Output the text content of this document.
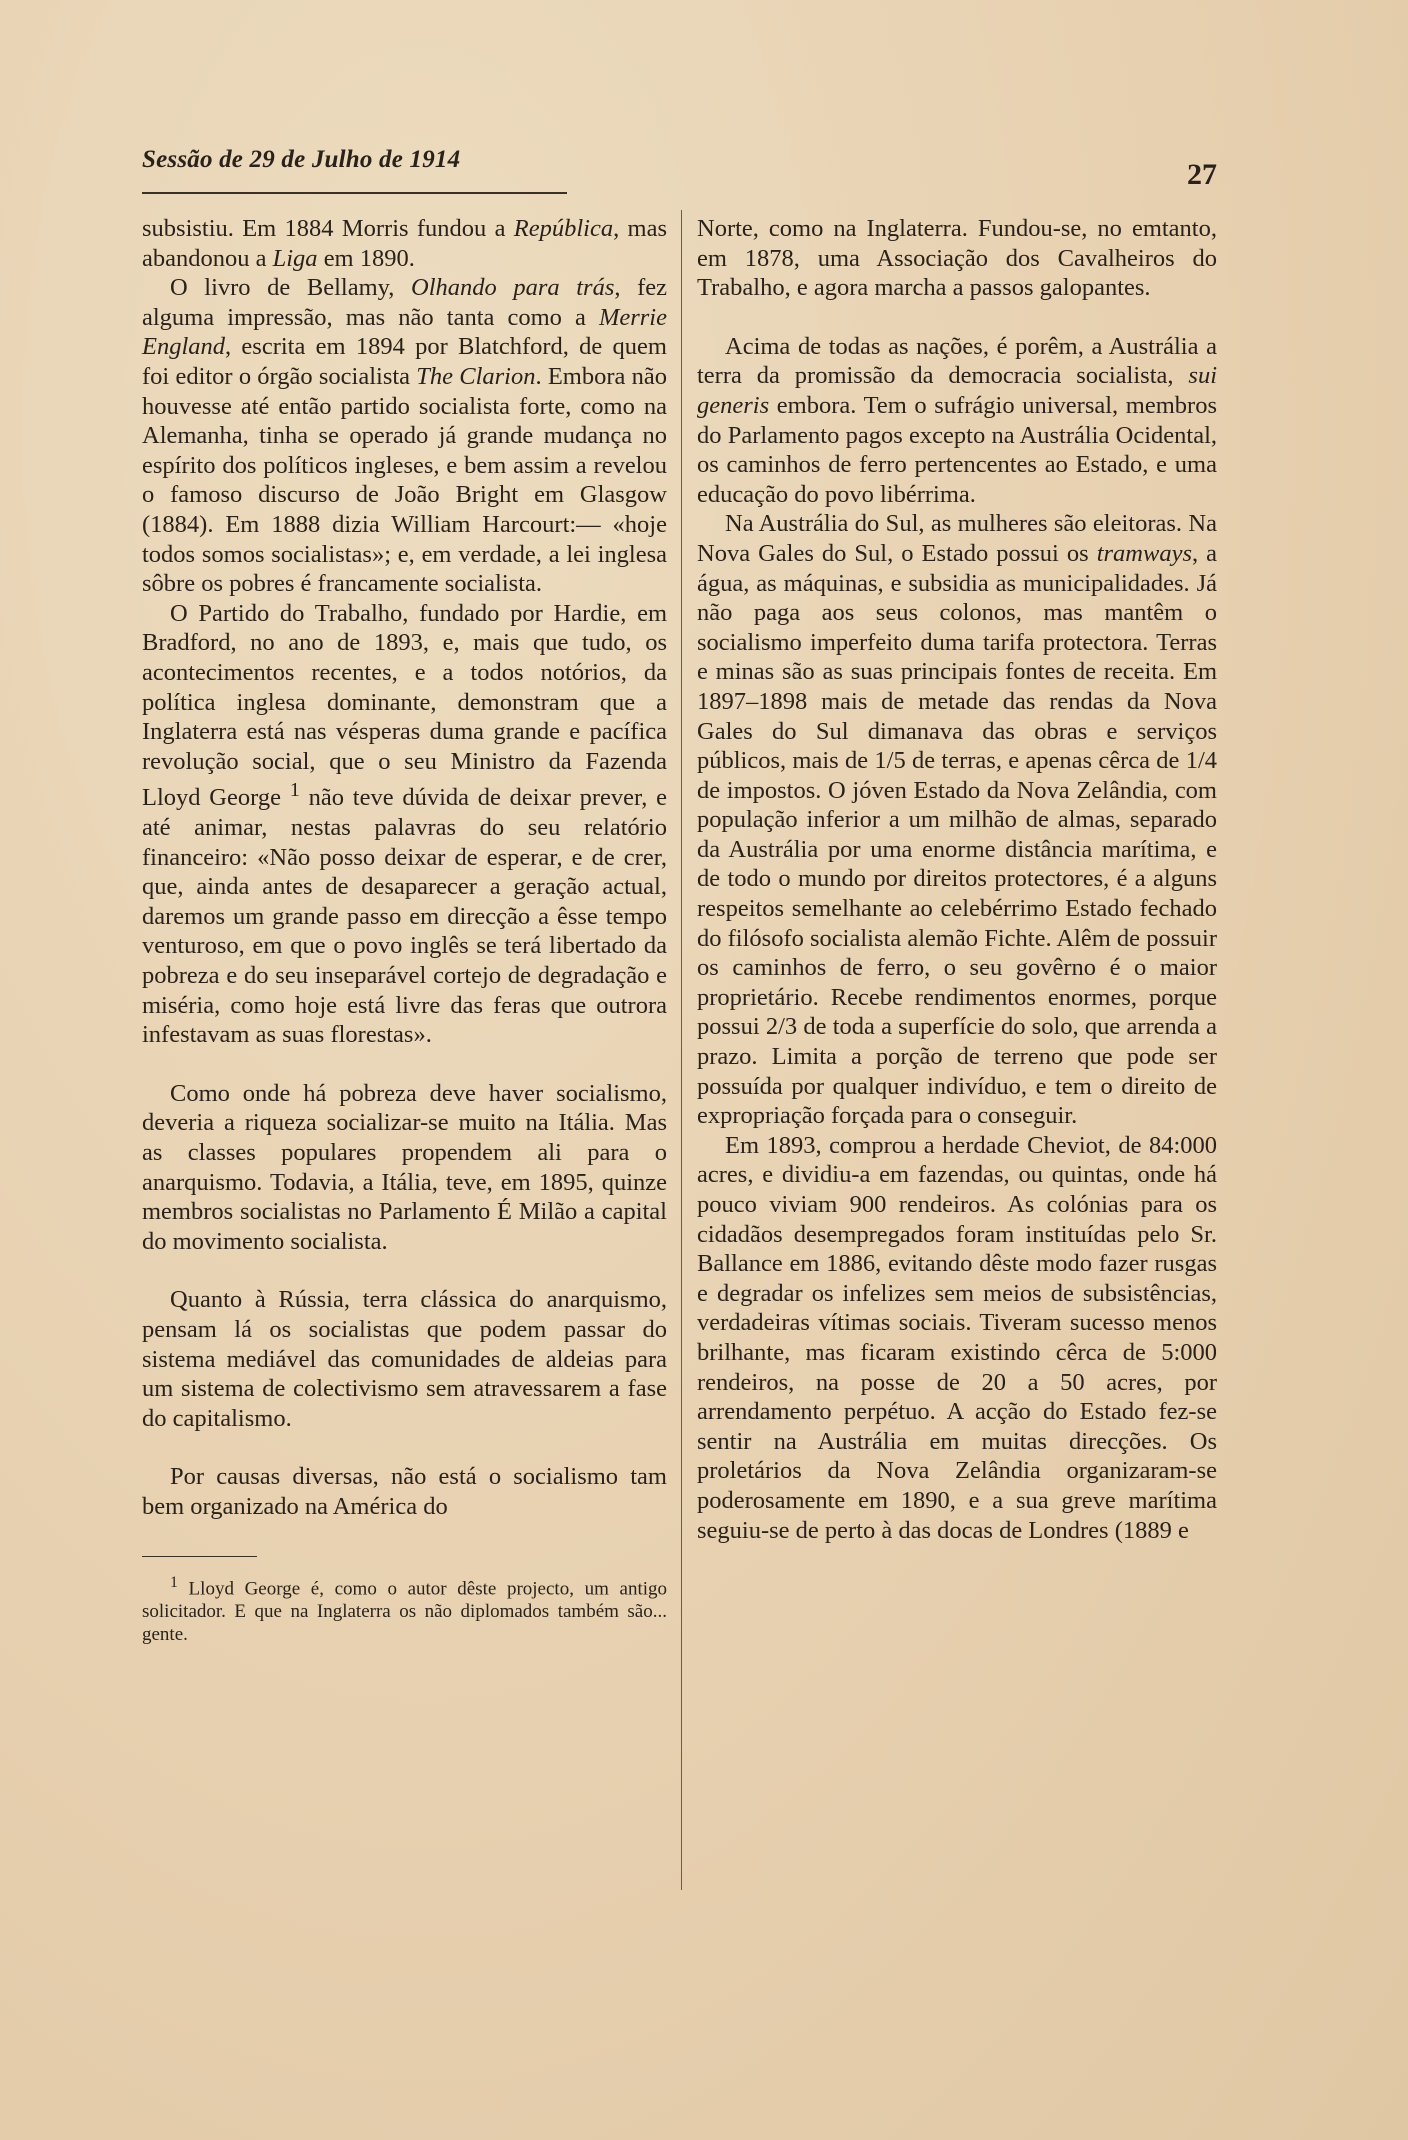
Sessão de 29 de Julho de 1914	27

subsistiu. Em 1884 Morris fundou a República, mas abandonou a Liga em 1890.

O livro de Bellamy, Olhando para trás, fez alguma impressão, mas não tanta como a Merrie England, escrita em 1894 por Blatchford, de quem foi editor o órgão socialista The Clarion. Embora não houvesse até então partido socialista forte, como na Alemanha, tinha se operado já grande mudança no espírito dos políticos ingleses, e bem assim a revelou o famoso discurso de João Bright em Glasgow (1884). Em 1888 dizia William Harcourt:— «hoje todos somos socialistas»; e, em verdade, a lei inglesa sôbre os pobres é francamente socialista.

O Partido do Trabalho, fundado por Hardie, em Bradford, no ano de 1893, e, mais que tudo, os acontecimentos recentes, e a todos notórios, da política inglesa dominante, demonstram que a Inglaterra está nas vésperas duma grande e pacífica revolução social, que o seu Ministro da Fazenda Lloyd George $^1$ não teve dúvida de deixar prever, e até animar, nestas palavras do seu relatório financeiro: «Não posso deixar de esperar, e de crer, que, ainda antes de desaparecer a geração actual, daremos um grande passo em direcção a êsse tempo venturoso, em que o povo inglês se terá libertado da pobreza e do seu inseparável cortejo de degradação e miséria, como hoje está livre das feras que outrora infestavam as suas florestas».

Como onde há pobreza deve haver socialismo, deveria a riqueza socializar-se muito na Itália. Mas as classes populares propendem ali para o anarquismo. Todavia, a Itália, teve, em 1895, quinze membros socialistas no Parlamento É Milão a capital do movimento socialista.

Quanto à Rússia, terra clássica do anarquismo, pensam lá os socialistas que podem passar do sistema mediável das comunidades de aldeias para um sistema de colectivismo sem atravessarem a fase do capitalismo.

Por causas diversas, não está o socialismo tam bem organizado na América do

$^1$ Lloyd George é, como o autor dêste projecto, um antigo solicitador. E que na Inglaterra os não diplomados também são... gente.

Norte, como na Inglaterra. Fundou-se, no emtanto, em 1878, uma Associação dos Cavalheiros do Trabalho, e agora marcha a passos galopantes.

Acima de todas as nações, é porêm, a Austrália a terra da promissão da democracia socialista, sui generis embora. Tem o sufrágio universal, membros do Parlamento pagos excepto na Austrália Ocidental, os caminhos de ferro pertencentes ao Estado, e uma educação do povo libérrima.

Na Austrália do Sul, as mulheres são eleitoras. Na Nova Gales do Sul, o Estado possui os tramways, a água, as máquinas, e subsidia as municipalidades. Já não paga aos seus colonos, mas mantêm o socialismo imperfeito duma tarifa protectora. Terras e minas são as suas principais fontes de receita. Em 1897–1898 mais de metade das rendas da Nova Gales do Sul dimanava das obras e serviços públicos, mais de 1/5 de terras, e apenas cêrca de 1/4 de impostos. O jóven Estado da Nova Zelândia, com população inferior a um milhão de almas, separado da Austrália por uma enorme distância marítima, e de todo o mundo por direitos protectores, é a alguns respeitos semelhante ao celebérrimo Estado fechado do filósofo socialista alemão Fichte. Alêm de possuir os caminhos de ferro, o seu govêrno é o maior proprietário. Recebe rendimentos enormes, porque possui 2/3 de toda a superfície do solo, que arrenda a prazo. Limita a porção de terreno que pode ser possuída por qualquer indivíduo, e tem o direito de expropriação forçada para o conseguir.

Em 1893, comprou a herdade Cheviot, de 84:000 acres, e dividiu-a em fazendas, ou quintas, onde há pouco viviam 900 rendeiros. As colónias para os cidadãos desempregados foram instituídas pelo Sr. Ballance em 1886, evitando dêste modo fazer rusgas e degradar os infelizes sem meios de subsistências, verdadeiras vítimas sociais. Tiveram sucesso menos brilhante, mas ficaram existindo cêrca de 5:000 rendeiros, na posse de 20 a 50 acres, por arrendamento perpétuo. A acção do Estado fez-se sentir na Austrália em muitas direcções. Os proletários da Nova Zelândia organizaram-se poderosamente em 1890, e a sua greve marítima seguiu-se de perto à das docas de Londres (1889 e
